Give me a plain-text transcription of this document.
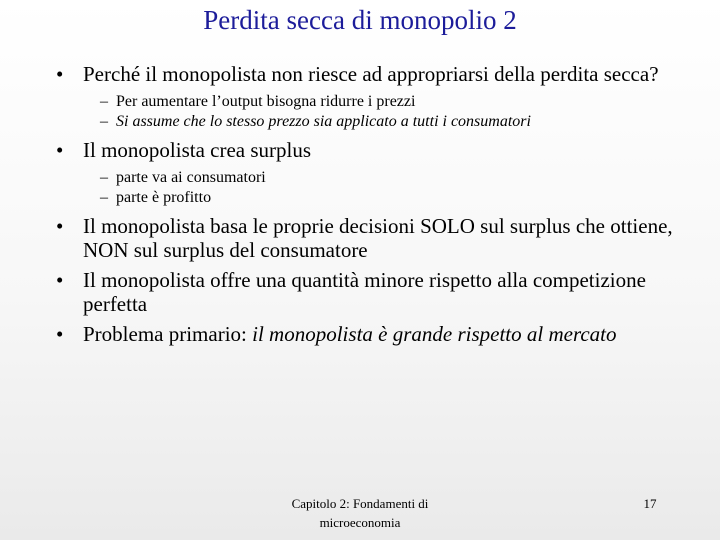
Perdita secca di monopolio 2
• Perché il monopolista non riesce ad appropriarsi della perdita secca?
– Per aumentare l’output bisogna ridurre i prezzi
– Si assume che lo stesso prezzo sia applicato a tutti i consumatori
• Il monopolista crea surplus
– parte va ai consumatori
– parte è profitto
• Il monopolista basa le proprie decisioni SOLO sul surplus che ottiene, NON sul surplus del consumatore
• Il monopolista offre una quantità minore rispetto alla competizione perfetta
• Problema primario: il monopolista è grande rispetto al mercato
Capitolo 2: Fondamenti di microeconomia
17
